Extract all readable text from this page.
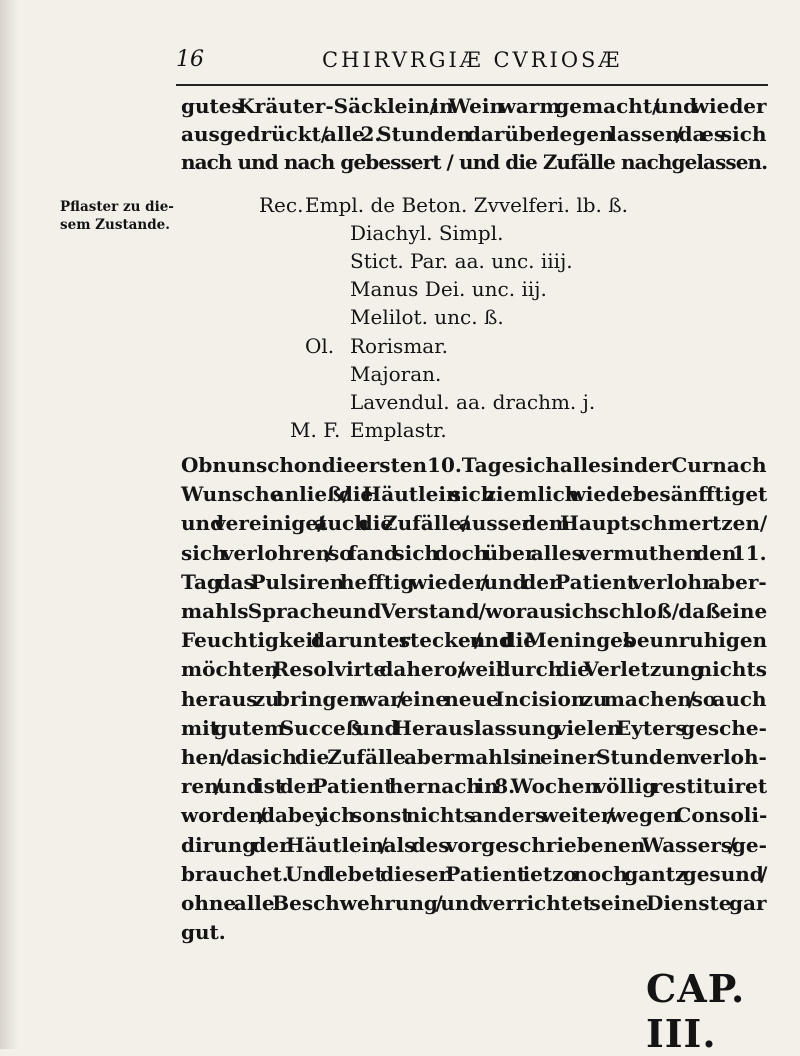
16	CHIRVRGIÆ CVRIOSÆ
gutes Kräuter-Säcklein/ in Wein warm gemacht/ und wieder
ausgedrückt/ alle 2. Stunden darüber legen lassen / da es sich
nach und nach gebessert / und die Zufälle nachgelassen.
Pflaster zu die-
sem Zustande.
Rec. Empl. de Beton. Zvvelferi. lb. ß.
Diachyl. Simpl.
Stict. Par. aa. unc. iiij.
Manus Dei. unc. iij.
Melilot. unc. ß.
Ol. Rorismar.
Majoran.
Lavendul. aa. drachm. j.
M. F. Emplastr.
Ob nun schon die ersten 10. Tage sich alles in der Cur nach
Wunsche anließ/ die Häutlein sich ziemlich wieder besänfftiget
und vereiniget / auch die Zufälle/ ausser dem Hauptschmertzen/
sich verlohren / so fand sich doch über alles vermuthen den 11.
Tag das Pulsiren hefftig wieder / und der Patient verlohr aber-
mahls Sprache und Verstand / woraus ich schloß/ daß eine
Feuchtigkeit darunter stecken / und die Meninges beunruhigen
möchten ; Resolvirte dahero/ weil durch die Verletzung nichts
heraus zu bringen war / eine neue Incision zu machen / so auch
mit gutem Succeß und Herauslassung vielen Eyters gesche-
hen / da sich die Zufälle abermahls in einer Stunden verloh-
ren / und ist der Patient hernach in 8. Wochen völlig restituiret
worden / dabey ich sonst nichts anders weiter / wegen Consoli-
dirung der Häutlein / als des vorgeschriebenen Wassers / ge-
brauchet. Und lebet dieser Patient ietzo noch gantz gesund /
ohne alle Beschwehrung / und verrichtet seine Dienste gar
gut.
CAP. III.
